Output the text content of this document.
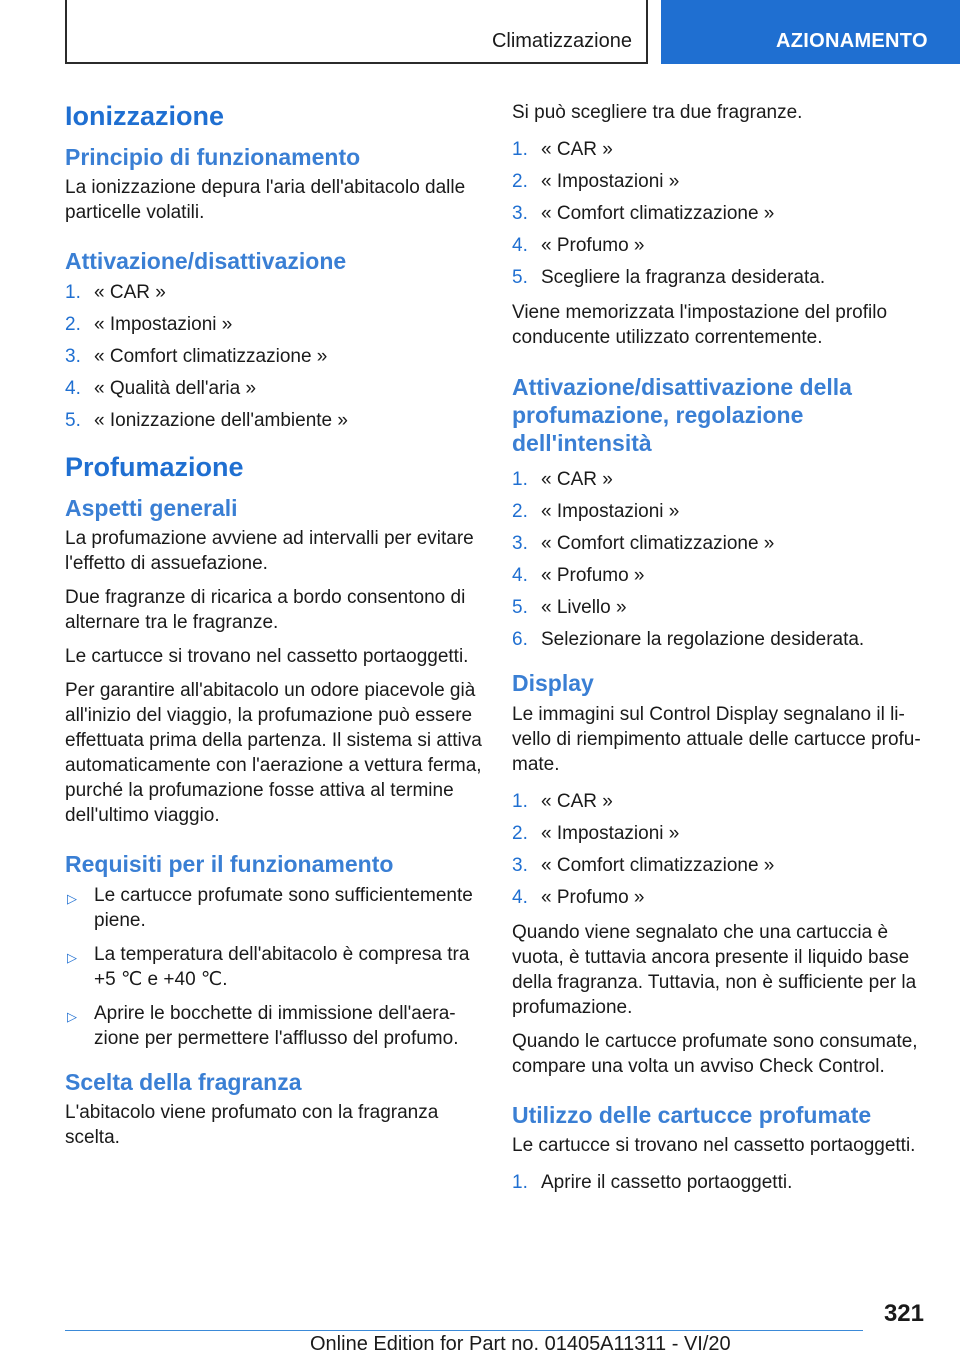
Climatizzazione	AZIONAMENTO
Ionizzazione
Principio di funzionamento

La ionizzazione depura l'aria dell'abitacolo dalle particelle volatili.

Attivazione/disattivazione
1. « CAR »
2. « Impostazioni »
3. « Comfort climatizzazione »
4. « Qualità dell'aria »
5. « Ionizzazione dell'ambiente »
Profumazione
Aspetti generali

La profumazione avviene ad intervalli per evitare l'effetto di assuefazione.

Due fragranze di ricarica a bordo consentono di alternare tra le fragranze.

Le cartucce si trovano nel cassetto portaoggetti.

Per garantire all'abitacolo un odore piacevole già all'inizio del viaggio, la profumazione può essere effettuata prima della partenza. Il sistema si attiva automaticamente con l'aerazione a vettura ferma, purché la profumazione fosse attiva al termine dell'ultimo viaggio.

Requisiti per il funzionamento
▷ Le cartucce profumate sono sufficientemente piene.
▷ La temperatura dell'abitacolo è compresa tra +5 ℃ e +40 ℃.
▷ Aprire le bocchette di immissione dell'aerazione per permettere l'afflusso del profumo.
Scelta della fragranza

L'abitacolo viene profumato con la fragranza scelta.

Si può scegliere tra due fragranze.

1. « CAR »
2. « Impostazioni »
3. « Comfort climatizzazione »
4. « Profumo »
5. Scegliere la fragranza desiderata.

Viene memorizzata l'impostazione del profilo conducente utilizzato correntemente.

Attivazione/disattivazione della profumazione, regolazione dell'intensità
1. « CAR »
2. « Impostazioni »
3. « Comfort climatizzazione »
4. « Profumo »
5. « Livello »
6. Selezionare la regolazione desiderata.
Display

Le immagini sul Control Display segnalano il livello di riempimento attuale delle cartucce profumate.

1. « CAR »
2. « Impostazioni »
3. « Comfort climatizzazione »
4. « Profumo »

Quando viene segnalato che una cartuccia è vuota, è tuttavia ancora presente il liquido base della fragranza. Tuttavia, non è sufficiente per la profumazione.

Quando le cartucce profumate sono consumate, compare una volta un avviso Check Control.

Utilizzo delle cartucce profumate

Le cartucce si trovano nel cassetto portaoggetti.

1. Aprire il cassetto portaoggetti.
321
Online Edition for Part no. 01405A11311 - VI/20
